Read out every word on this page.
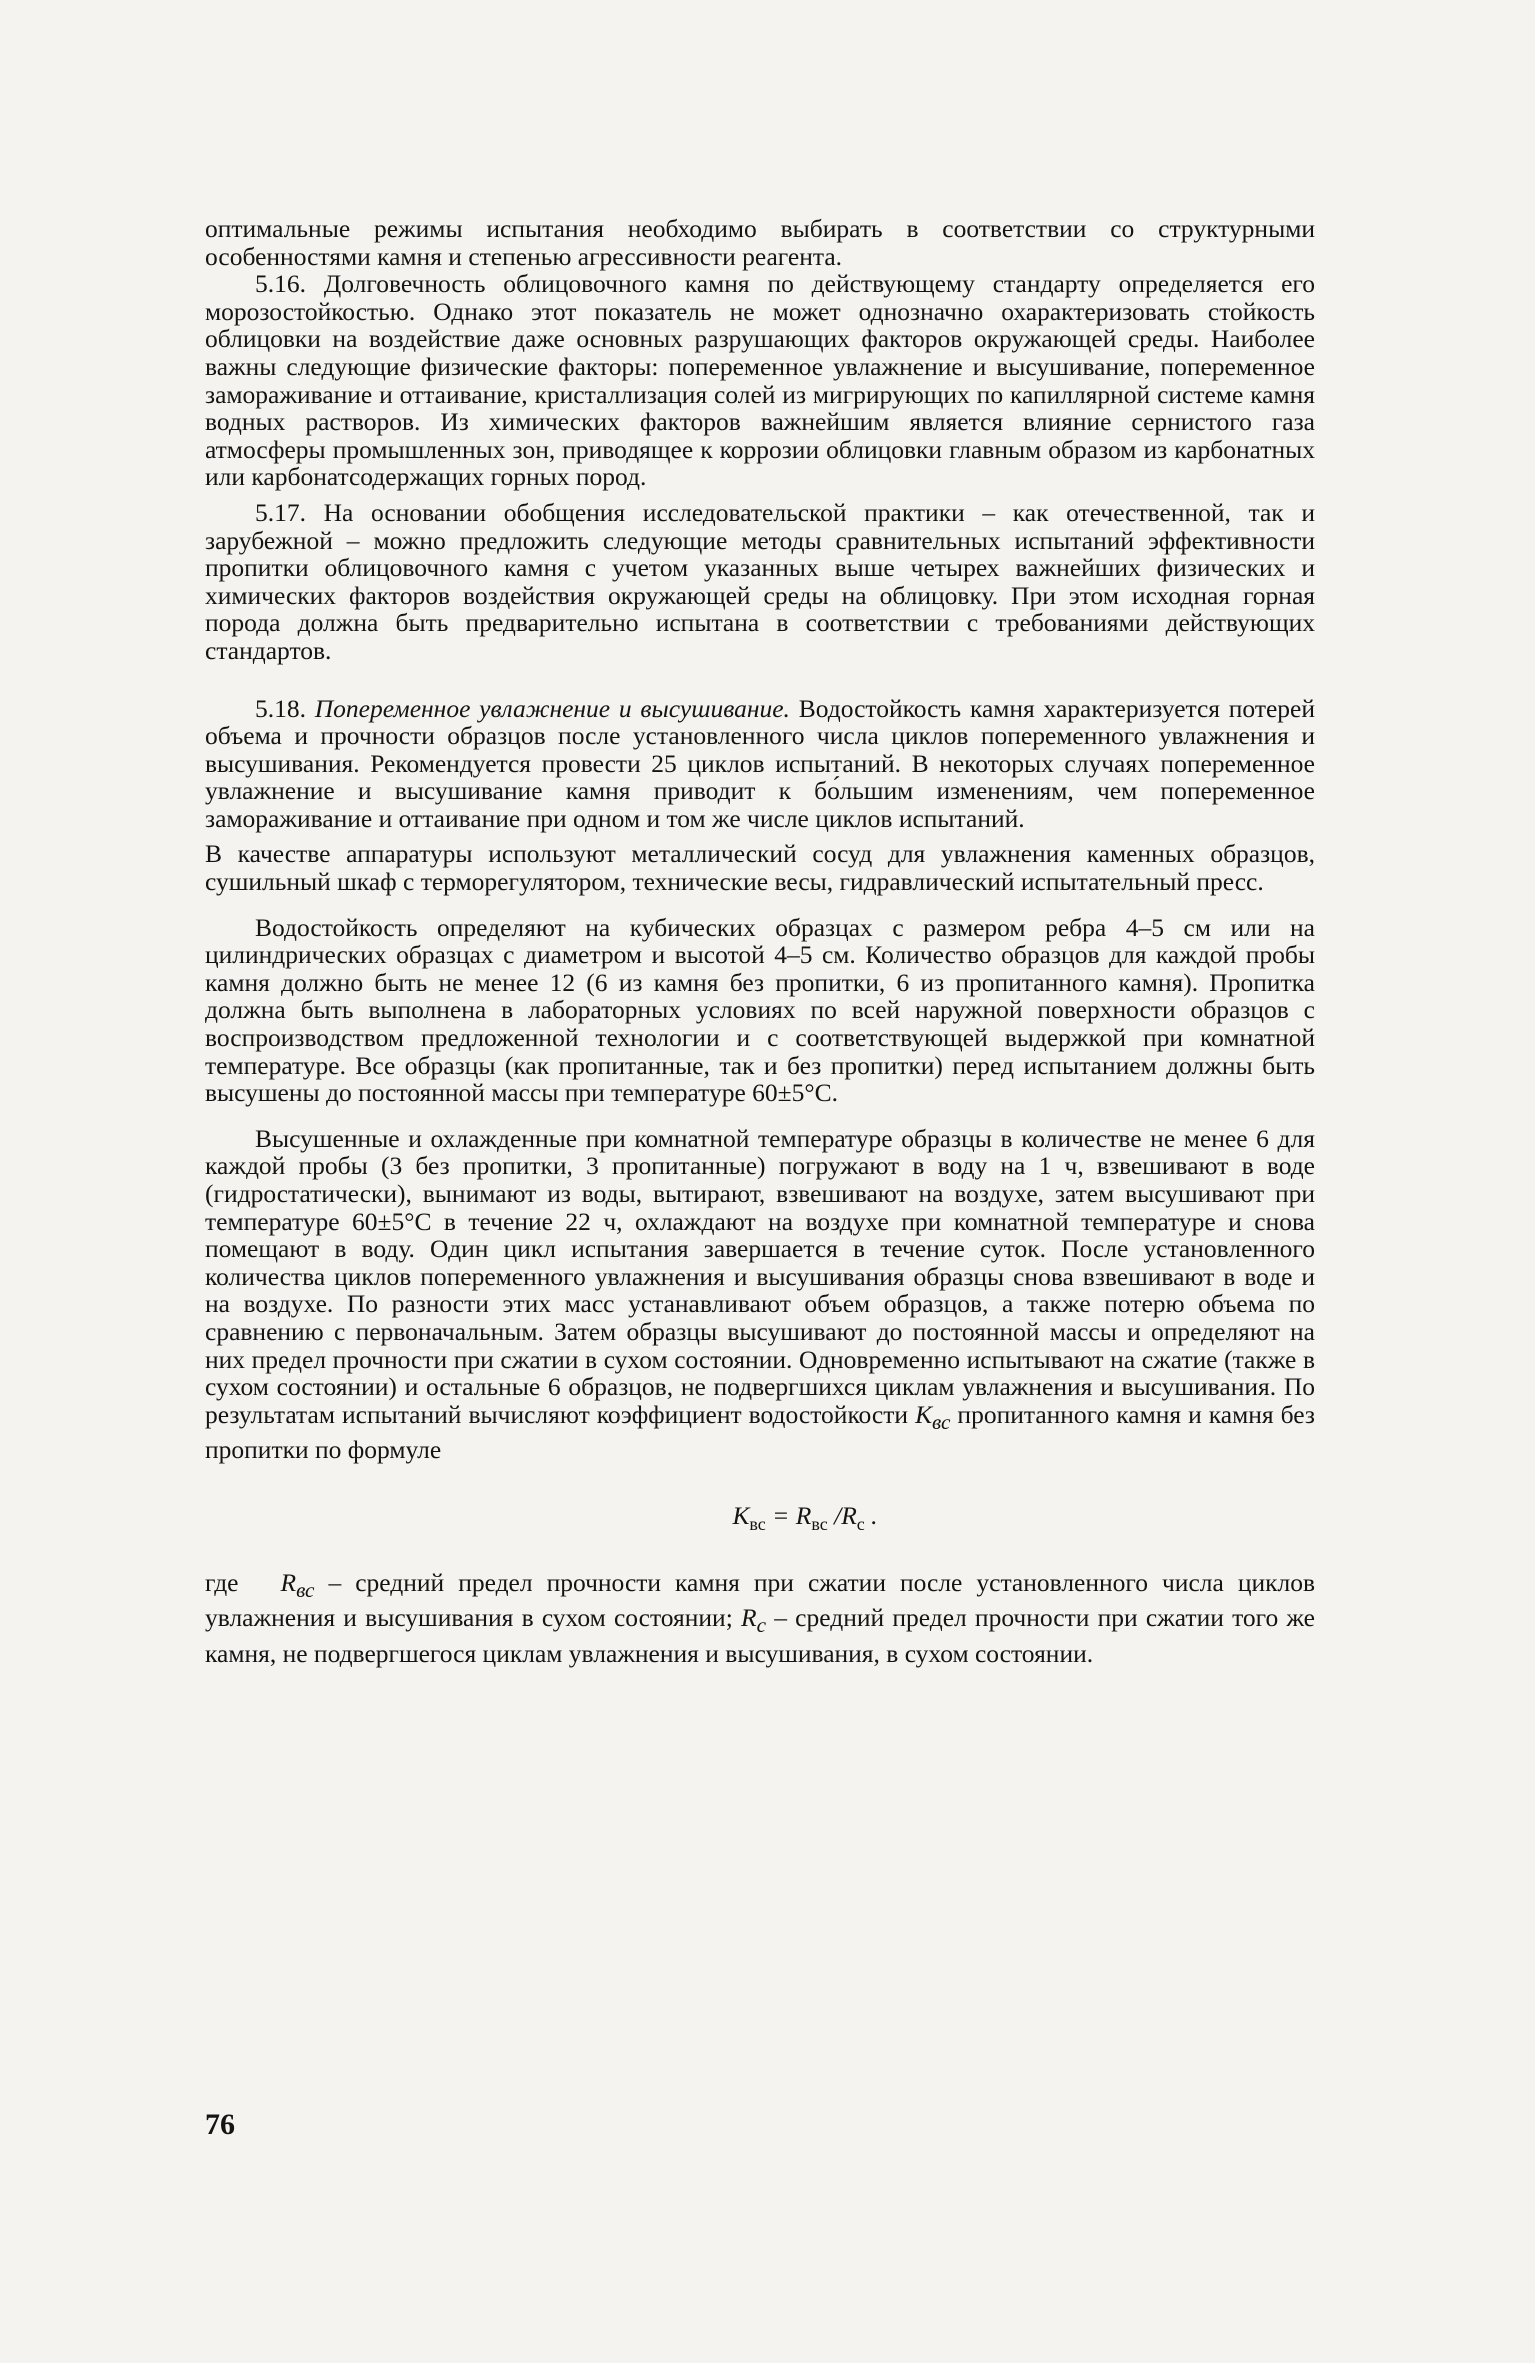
оптимальные режимы испытания необходимо выбирать в соответствии со структурными особенностями камня и степенью агрессивности реагента.

5.16. Долговечность облицовочного камня по действующему стандарту определяется его морозостойкостью. Однако этот показатель не может однозначно охарактеризовать стойкость облицовки на воздействие даже основных разрушающих факторов окружающей среды. Наиболее важны следующие физические факторы: попеременное увлажнение и высушивание, попеременное замораживание и оттаивание, кристаллизация солей из мигрирующих по капиллярной системе камня водных растворов. Из химических факторов важнейшим является влияние сернистого газа атмосферы промышленных зон, приводящее к коррозии облицовки главным образом из карбонатных или карбонатсодержащих горных пород.

5.17. На основании обобщения исследовательской практики – как отечественной, так и зарубежной – можно предложить следующие методы сравнительных испытаний эффективности пропитки облицовочного камня с учетом указанных выше четырех важнейших физических и химических факторов воздействия окружающей среды на облицовку. При этом исходная горная порода должна быть предварительно испытана в соответствии с требованиями действующих стандартов.

5.18. Попеременное увлажнение и высушивание. Водостойкость камня характеризуется потерей объема и прочности образцов после установленного числа циклов попеременного увлажнения и высушивания. Рекомендуется провести 25 циклов испытаний. В некоторых случаях попеременное увлажнение и высушивание камня приводит к бо́льшим изменениям, чем попеременное замораживание и оттаивание при одном и том же числе циклов испытаний.

В качестве аппаратуры используют металлический сосуд для увлажнения каменных образцов, сушильный шкаф с терморегулятором, технические весы, гидравлический испытательный пресс.

Водостойкость определяют на кубических образцах с размером ребра 4–5 см или на цилиндрических образцах с диаметром и высотой 4–5 см. Количество образцов для каждой пробы камня должно быть не менее 12 (6 из камня без пропитки, 6 из пропитанного камня). Пропитка должна быть выполнена в лабораторных условиях по всей наружной поверхности образцов с воспроизводством предложенной технологии и с соответствующей выдержкой при комнатной температуре. Все образцы (как пропитанные, так и без пропитки) перед испытанием должны быть высушены до постоянной массы при температуре 60±5°С.

Высушенные и охлажденные при комнатной температуре образцы в количестве не менее 6 для каждой пробы (3 без пропитки, 3 пропитанные) погружают в воду на 1 ч, взвешивают в воде (гидростатически), вынимают из воды, вытирают, взвешивают на воздухе, затем высушивают при температуре 60±5°С в течение 22 ч, охлаждают на воздухе при комнатной температуре и снова помещают в воду. Один цикл испытания завершается в течение суток. После установленного количества циклов попеременного увлажнения и высушивания образцы снова взвешивают в воде и на воздухе. По разности этих масс устанавливают объем образцов, а также потерю объема по сравнению с первоначальным. Затем образцы высушивают до постоянной массы и определяют на них предел прочности при сжатии в сухом состоянии. Одновременно испытывают на сжатие (также в сухом состоянии) и остальные 6 образцов, не подвергшихся циклам увлажнения и высушивания. По результатам испытаний вычисляют коэффициент водостойкости $К_{вс}$ пропитанного камня и камня без пропитки по формуле

$К_{вс} = R_{вс}$ $/R_с$ .

где $R_{вс}$ – средний предел прочности камня при сжатии после установленного числа циклов увлажнения и высушивания в сухом состоянии; $R_с$ – средний предел прочности при сжатии того же камня, не подвергшегося циклам увлажнения и высушивания, в сухом состоянии.

76
